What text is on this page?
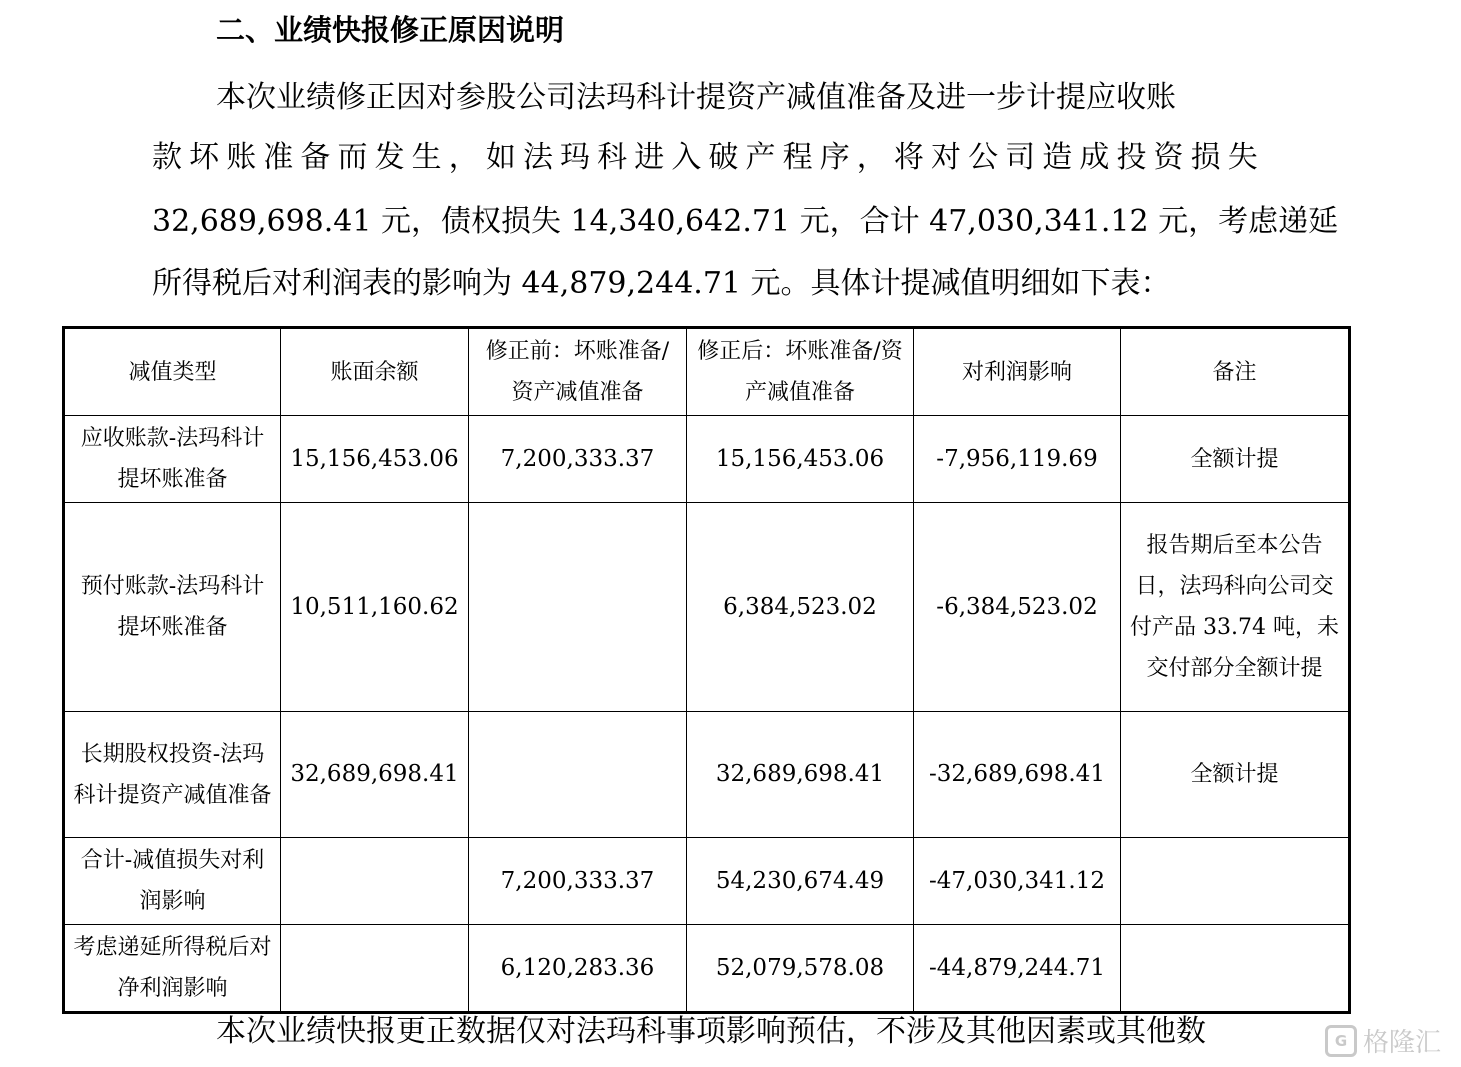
二、业绩快报修正原因说明
本次业绩修正因对参股公司法玛科计提资产减值准备及进一步计提应收账
款 坏 账 准 备 而 发 生 ， 如 法 玛 科 进 入 破 产 程 序 ， 将 对 公 司 造 成 投 资 损 失
32,689,698.41 元， 债权损失 14,340,642.71 元， 合计 47,030,341.12 元， 考虑递延
所得税后对利润表的影响为 44,879,244.71 元。具体计提减值明细如下表：
减值类型	账面余额	修正前：坏账准备/资产减值准备	修正后：坏账准备/资产减值准备	对利润影响	备注
应收账款-法玛科计提坏账准备	15,156,453.06	7,200,333.37	15,156,453.06	-7,956,119.69	全额计提
预付账款-法玛科计提坏账准备	10,511,160.62		6,384,523.02	-6,384,523.02	报告期后至本公告日，法玛科向公司交付产品 33.74 吨，未交付部分全额计提
长期股权投资-法玛科计提资产减值准备	32,689,698.41		32,689,698.41	-32,689,698.41	全额计提
合计-减值损失对利润影响		7,200,333.37	54,230,674.49	-47,030,341.12	
考虑递延所得税后对净利润影响		6,120,283.36	52,079,578.08	-44,879,244.71	
本次业绩快报更正数据仅对法玛科事项影响预估，不涉及其他因素或其他数	G 格隆汇
